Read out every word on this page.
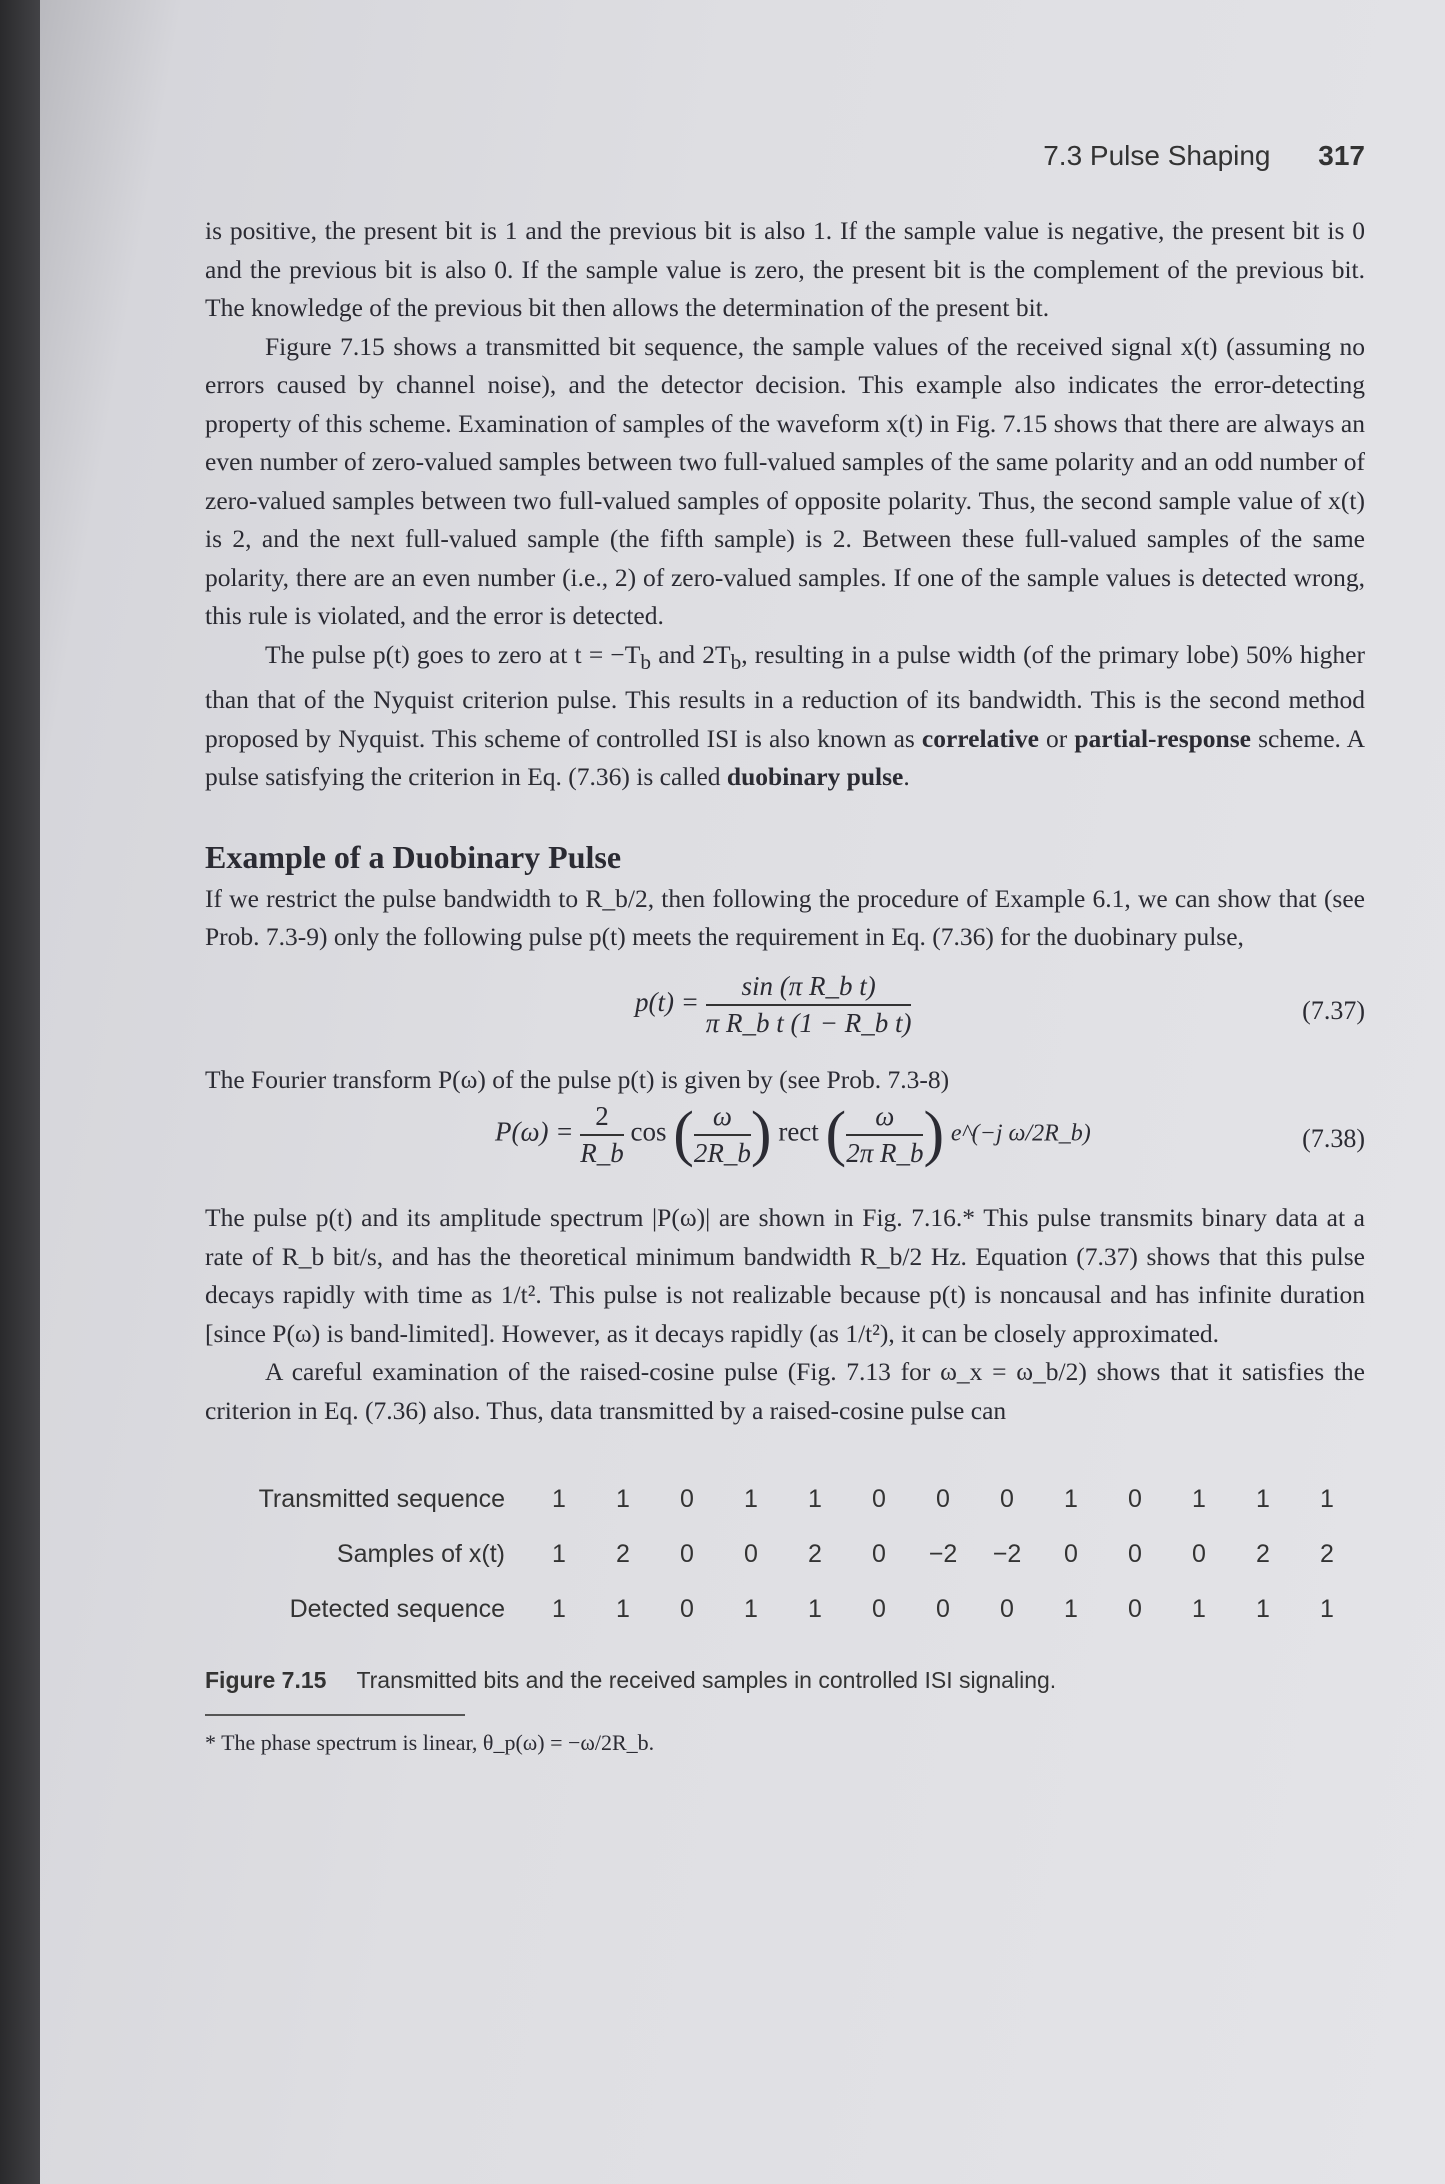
7.3 Pulse Shaping 317

is positive, the present bit is 1 and the previous bit is also 1. If the sample value is negative, the present bit is 0 and the previous bit is also 0. If the sample value is zero, the present bit is the complement of the previous bit. The knowledge of the previous bit then allows the determination of the present bit.

Figure 7.15 shows a transmitted bit sequence, the sample values of the received signal x(t) (assuming no errors caused by channel noise), and the detector decision. This example also indicates the error-detecting property of this scheme. Examination of samples of the waveform x(t) in Fig. 7.15 shows that there are always an even number of zero-valued samples between two full-valued samples of the same polarity and an odd number of zero-valued samples between two full-valued samples of opposite polarity. Thus, the second sample value of x(t) is 2, and the next full-valued sample (the fifth sample) is 2. Between these full-valued samples of the same polarity, there are an even number (i.e., 2) of zero-valued samples. If one of the sample values is detected wrong, this rule is violated, and the error is detected.

The pulse p(t) goes to zero at $t = -T_b$ and $2T_b$, resulting in a pulse width (of the primary lobe) 50% higher than that of the Nyquist criterion pulse. This results in a reduction of its bandwidth. This is the second method proposed by Nyquist. This scheme of controlled ISI is also known as correlative or partial-response scheme. A pulse satisfying the criterion in Eq. (7.36) is called duobinary pulse.

Example of a Duobinary Pulse

If we restrict the pulse bandwidth to R_b/2, then following the procedure of Example 6.1, we can show that (see Prob. 7.3-9) only the following pulse p(t) meets the requirement in Eq. (7.36) for the duobinary pulse,

$p(t) = \frac{\text{sin (π R\_b t)}}{\text{π R\_b t (1 − R\_b t)}}$	(7.37)

The Fourier transform P(ω) of the pulse p(t) is given by (see Prob. 7.3-8)

$P(\omega) = \frac{2}{R\_b}$ cos ( $\frac{\omega}{2R\_b}$ ) rect ( $\frac{\omega}{\text{2π R\_b}}$ ) e^(−j ω/2R_b)	(7.38)

The pulse p(t) and its amplitude spectrum |P(ω)| are shown in Fig. 7.16.* This pulse transmits binary data at a rate of R_b bit/s, and has the theoretical minimum bandwidth R_b/2 Hz. Equation (7.37) shows that this pulse decays rapidly with time as 1/t². This pulse is not realizable because p(t) is noncausal and has infinite duration [since P(ω) is band-limited]. However, as it decays rapidly (as 1/t²), it can be closely approximated.

A careful examination of the raised-cosine pulse (Fig. 7.13 for ω_x = ω_b/2) shows that it satisfies the criterion in Eq. (7.36) also. Thus, data transmitted by a raised-cosine pulse can

Transmitted sequence	1	1	0	1	1	0	0	0	1	0	1	1	1
Samples of x(t)	1	2	0	0	2	0	−2	−2	0	0	0	2	2
Detected sequence	1	1	0	1	1	0	0	0	1	0	1	1	1
Figure 7.15 Transmitted bits and the received samples in controlled ISI signaling.
* The phase spectrum is linear, θ_p(ω) = −ω/2R_b.
